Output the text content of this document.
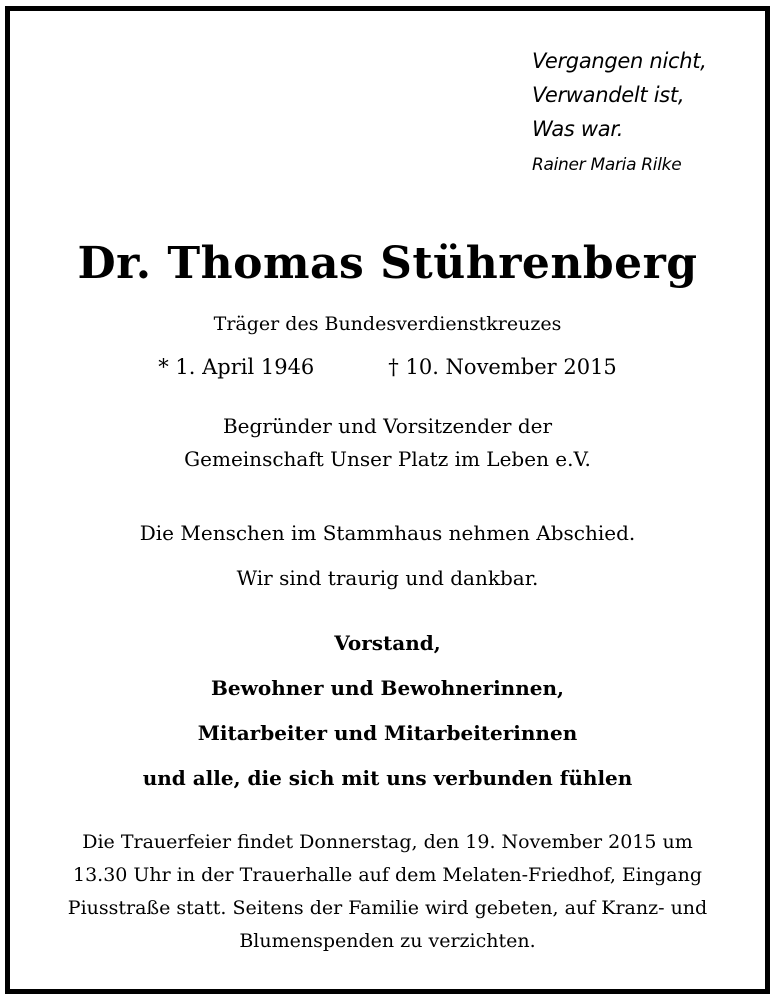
Vergangen nicht,
Verwandelt ist,
Was war.
Rainer Maria Rilke
Dr. Thomas Stührenberg
Träger des Bundesverdienstkreuzes
* 1. April 1946	† 10. November 2015
Begründer und Vorsitzender der
Gemeinschaft Unser Platz im Leben e.V.
Die Menschen im Stammhaus nehmen Abschied.
Wir sind traurig und dankbar.
Vorstand,
Bewohner und Bewohnerinnen,
Mitarbeiter und Mitarbeiterinnen
und alle, die sich mit uns verbunden fühlen
Die Trauerfeier findet Donnerstag, den 19. November 2015 um
13.30 Uhr in der Trauerhalle auf dem Melaten-Friedhof, Eingang
Piusstraße statt. Seitens der Familie wird gebeten, auf Kranz- und
Blumenspenden zu verzichten.
